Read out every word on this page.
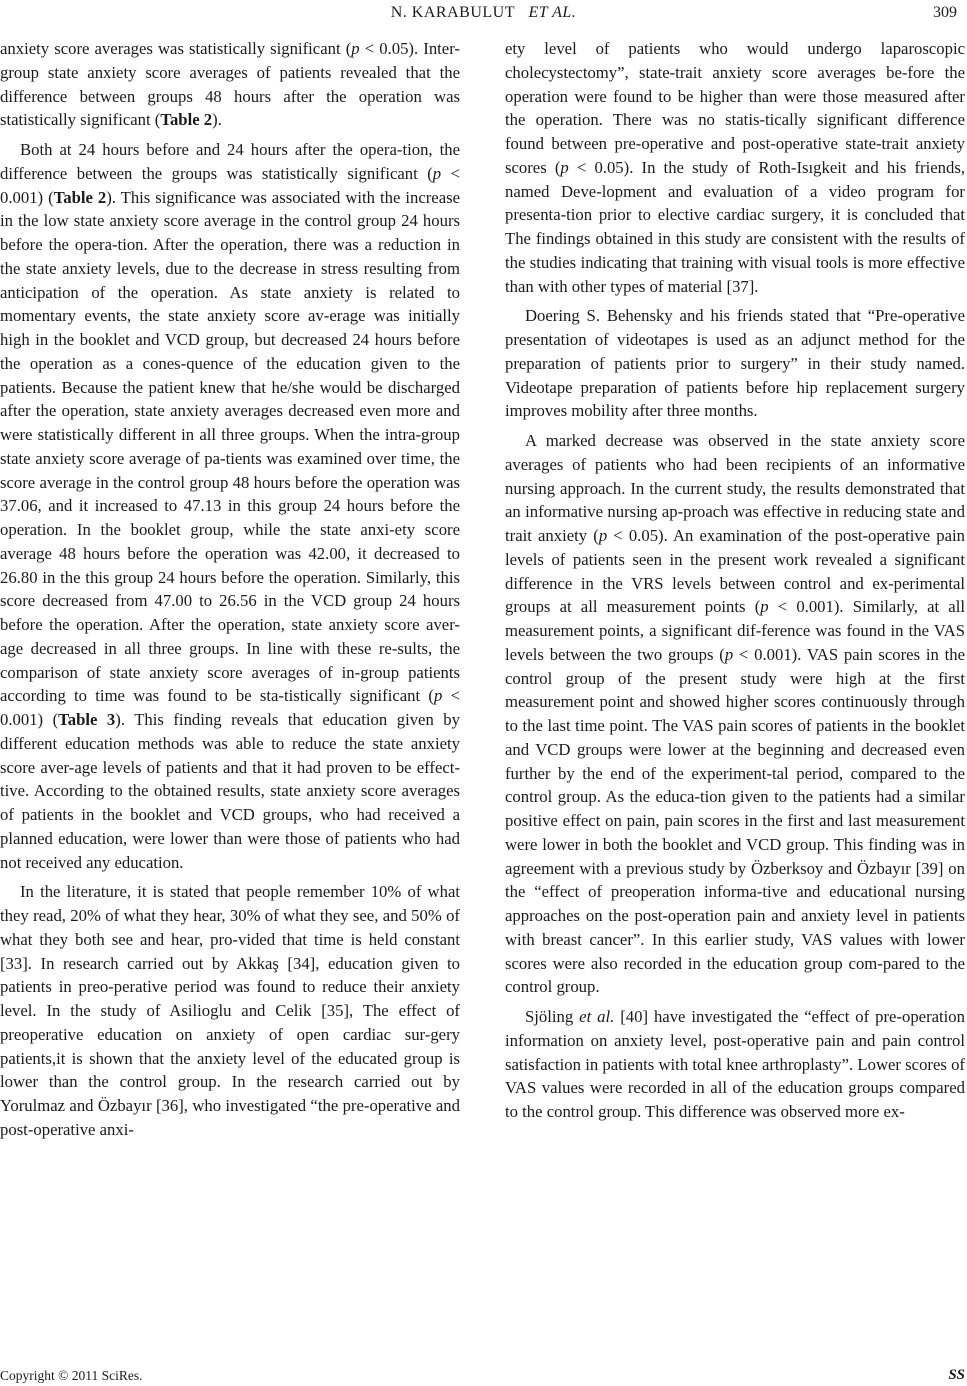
N. KARABULUT ET AL.	309

anxiety score averages was statistically significant (p < 0.05). Inter-group state anxiety score averages of patients revealed that the difference between groups 48 hours after the operation was statistically significant (Table 2).

Both at 24 hours before and 24 hours after the opera-tion, the difference between the groups was statistically significant (p < 0.001) (Table 2). This significance was associated with the increase in the low state anxiety score average in the control group 24 hours before the opera-tion. After the operation, there was a reduction in the state anxiety levels, due to the decrease in stress resulting from anticipation of the operation. As state anxiety is related to momentary events, the state anxiety score av-erage was initially high in the booklet and VCD group, but decreased 24 hours before the operation as a cones-quence of the education given to the patients. Because the patient knew that he/she would be discharged after the operation, state anxiety averages decreased even more and were statistically different in all three groups. When the intra-group state anxiety score average of pa-tients was examined over time, the score average in the control group 48 hours before the operation was 37.06, and it increased to 47.13 in this group 24 hours before the operation. In the booklet group, while the state anxi-ety score average 48 hours before the operation was 42.00, it decreased to 26.80 in the this group 24 hours before the operation. Similarly, this score decreased from 47.00 to 26.56 in the VCD group 24 hours before the operation. After the operation, state anxiety score aver-age decreased in all three groups. In line with these re-sults, the comparison of state anxiety score averages of in-group patients according to time was found to be sta-tistically significant (p < 0.001) (Table 3). This finding reveals that education given by different education methods was able to reduce the state anxiety score aver-age levels of patients and that it had proven to be effect-tive. According to the obtained results, state anxiety score averages of patients in the booklet and VCD groups, who had received a planned education, were lower than were those of patients who had not received any education.

In the literature, it is stated that people remember 10% of what they read, 20% of what they hear, 30% of what they see, and 50% of what they both see and hear, pro-vided that time is held constant [33]. In research carried out by Akkaş [34], education given to patients in preo-perative period was found to reduce their anxiety level. In the study of Asilioglu and Celik [35], The effect of preoperative education on anxiety of open cardiac sur-gery patients,it is shown that the anxiety level of the educated group is lower than the control group. In the research carried out by Yorulmaz and Özbayır [36], who investigated “the pre-operative and post-operative anxi-

ety level of patients who would undergo laparoscopic cholecystectomy”, state-trait anxiety score averages be-fore the operation were found to be higher than were those measured after the operation. There was no statis-tically significant difference found between pre-operative and post-operative state-trait anxiety scores (p < 0.05). In the study of Roth-Isıgkeit and his friends, named Deve-lopment and evaluation of a video program for presenta-tion prior to elective cardiac surgery, it is concluded that The findings obtained in this study are consistent with the results of the studies indicating that training with visual tools is more effective than with other types of material [37].

Doering S. Behensky and his friends stated that “Pre-operative presentation of videotapes is used as an adjunct method for the preparation of patients prior to surgery” in their study named. Videotape preparation of patients before hip replacement surgery improves mobility after three months.

A marked decrease was observed in the state anxiety score averages of patients who had been recipients of an informative nursing approach. In the current study, the results demonstrated that an informative nursing ap-proach was effective in reducing state and trait anxiety (p < 0.05). An examination of the post-operative pain levels of patients seen in the present work revealed a significant difference in the VRS levels between control and ex-perimental groups at all measurement points (p < 0.001). Similarly, at all measurement points, a significant dif-ference was found in the VAS levels between the two groups (p < 0.001). VAS pain scores in the control group of the present study were high at the first measurement point and showed higher scores continuously through to the last time point. The VAS pain scores of patients in the booklet and VCD groups were lower at the beginning and decreased even further by the end of the experiment-tal period, compared to the control group. As the educa-tion given to the patients had a similar positive effect on pain, pain scores in the first and last measurement were lower in both the booklet and VCD group. This finding was in agreement with a previous study by Özberksoy and Özbayır [39] on the “effect of preoperation informa-tive and educational nursing approaches on the post-operation pain and anxiety level in patients with breast cancer”. In this earlier study, VAS values with lower scores were also recorded in the education group com-pared to the control group.

Sjöling et al. [40] have investigated the “effect of pre-operation information on anxiety level, post-operative pain and pain control satisfaction in patients with total knee arthroplasty”. Lower scores of VAS values were recorded in all of the education groups compared to the control group. This difference was observed more ex-

Copyright © 2011 SciRes.	SS
